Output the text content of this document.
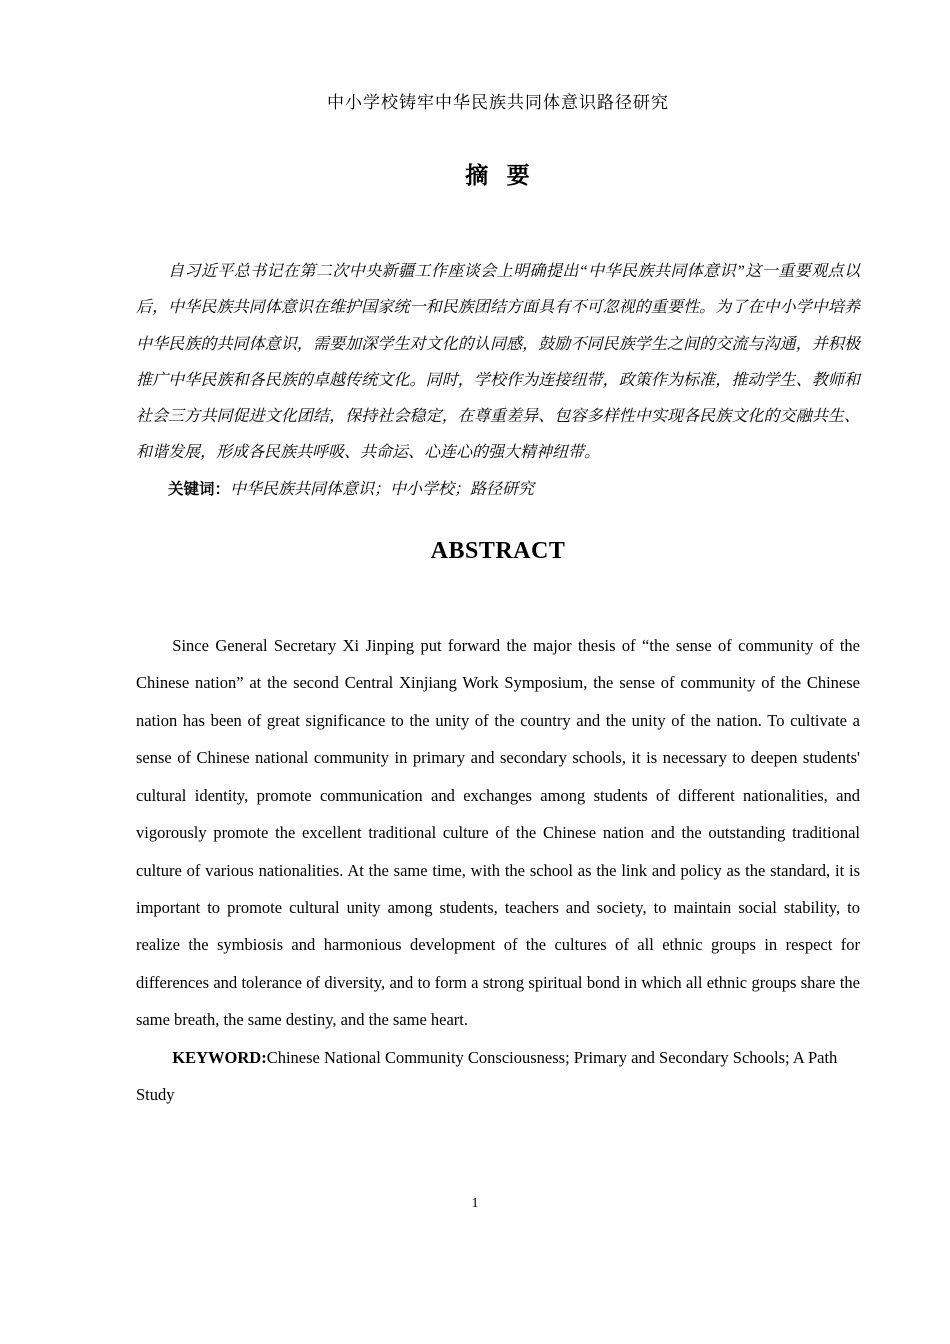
中小学校铸牢中华民族共同体意识路径研究
摘 要

自习近平总书记在第二次中央新疆工作座谈会上明确提出“中华民族共同体意识”这一重要观点以后，中华民族共同体意识在维护国家统一和民族团结方面具有不可忽视的重要性。为了在中小学中培养中华民族的共同体意识，需要加深学生对文化的认同感，鼓励不同民族学生之间的交流与沟通，并积极推广中华民族和各民族的卓越传统文化。同时，学校作为连接纽带，政策作为标准，推动学生、教师和社会三方共同促进文化团结，保持社会稳定，在尊重差异、包容多样性中实现各民族文化的交融共生、和谐发展，形成各民族共呼吸、共命运、心连心的强大精神纽带。

关键词：中华民族共同体意识；中小学校；路径研究

ABSTRACT

Since General Secretary Xi Jinping put forward the major thesis of “the sense of community of the Chinese nation” at the second Central Xinjiang Work Symposium, the sense of community of the Chinese nation has been of great significance to the unity of the country and the unity of the nation. To cultivate a sense of Chinese national community in primary and secondary schools, it is necessary to deepen students' cultural identity, promote communication and exchanges among students of different nationalities, and vigorously promote the excellent traditional culture of the Chinese nation and the outstanding traditional culture of various nationalities. At the same time, with the school as the link and policy as the standard, it is important to promote cultural unity among students, teachers and society, to maintain social stability, to realize the symbiosis and harmonious development of the cultures of all ethnic groups in respect for differences and tolerance of diversity, and to form a strong spiritual bond in which all ethnic groups share the same breath, the same destiny, and the same heart.

KEYWORD:Chinese National Community Consciousness; Primary and Secondary Schools; A Path Study

1
